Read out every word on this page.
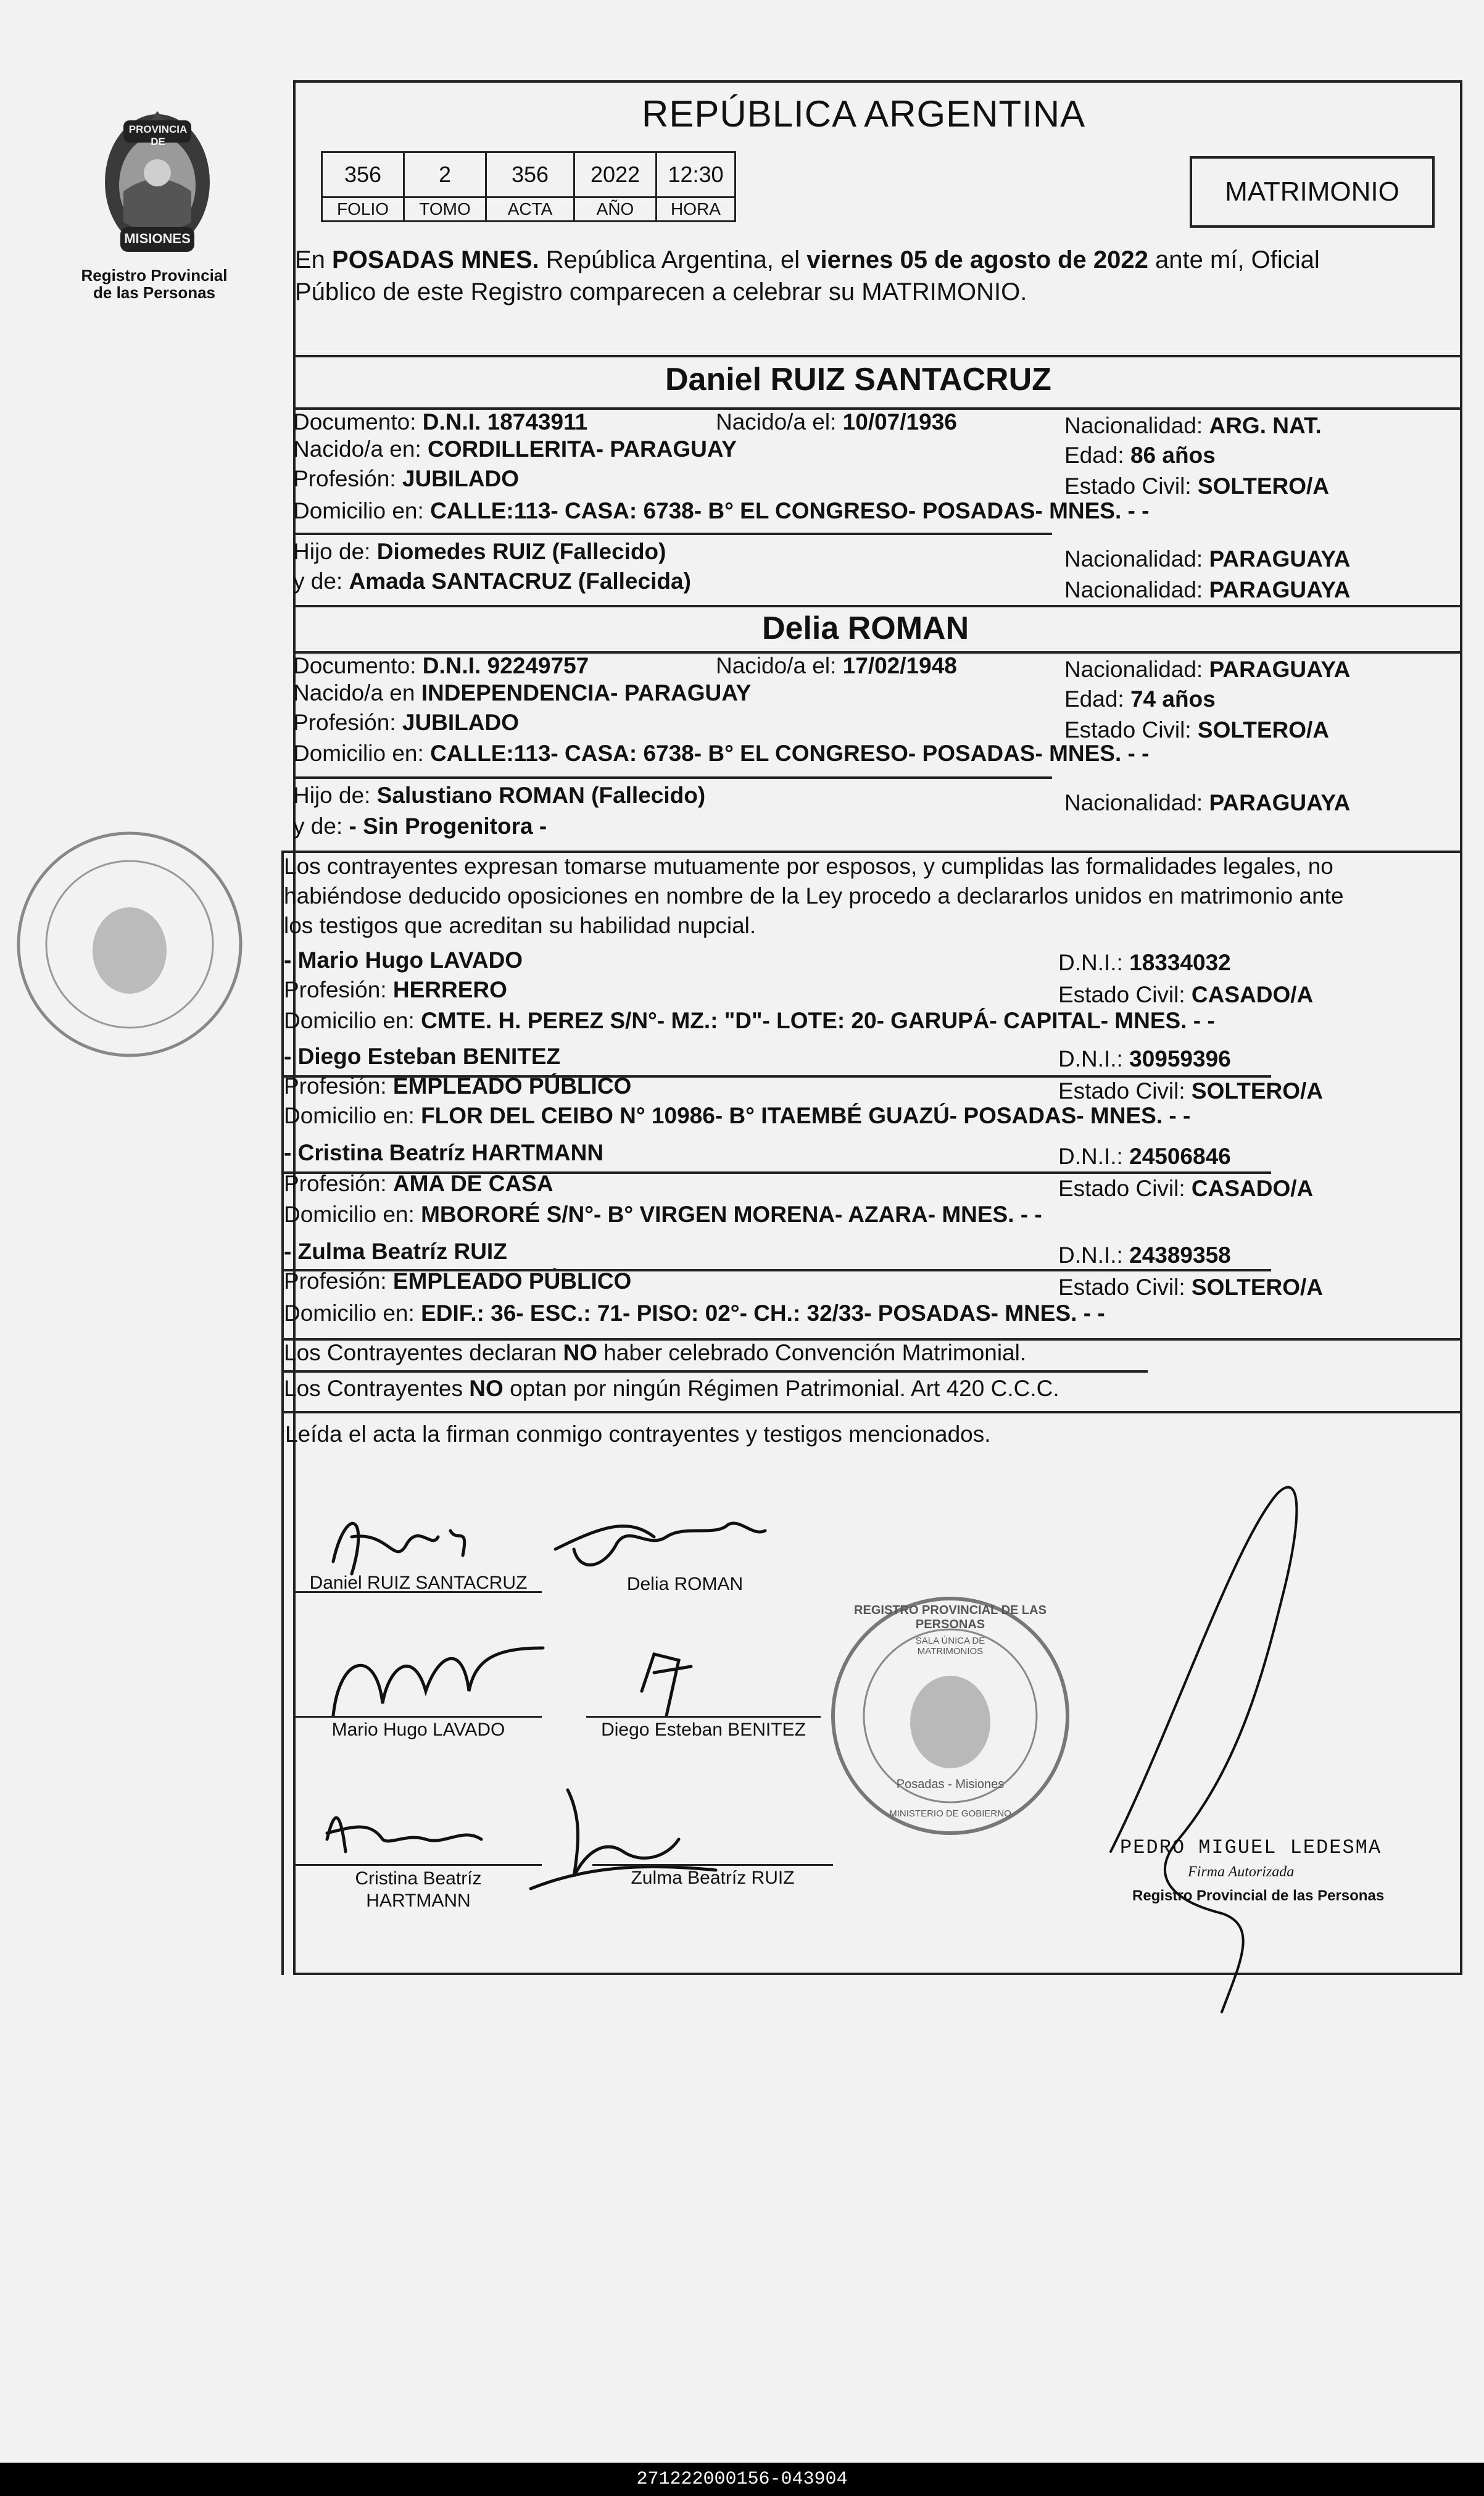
PROVINCIA DE
MISIONES
Registro Provincial
de las Personas
REPÚBLICA ARGENTINA
356	2	356	2022	12:30
FOLIO	TOMO	ACTA	AÑO	HORA
MATRIMONIO
En POSADAS MNES. República Argentina, el viernes 05 de agosto de 2022 ante mí, Oficial
Público de este Registro comparecen a celebrar su MATRIMONIO.
Daniel RUIZ SANTACRUZ
Documento: D.N.I. 18743911	Nacido/a el: 10/07/1936	Nacionalidad: ARG. NAT.
Nacido/a en: CORDILLERITA- PARAGUAY	Edad: 86 años
Profesión: JUBILADO	Estado Civil: SOLTERO/A
Domicilio en: CALLE:113- CASA: 6738- B° EL CONGRESO- POSADAS- MNES. - -
Hijo de: Diomedes RUIZ (Fallecido)	Nacionalidad: PARAGUAYA
y de: Amada SANTACRUZ (Fallecida)	Nacionalidad: PARAGUAYA
Delia ROMAN
Documento: D.N.I. 92249757	Nacido/a el: 17/02/1948	Nacionalidad: PARAGUAYA
Nacido/a en INDEPENDENCIA- PARAGUAY	Edad: 74 años
Profesión: JUBILADO	Estado Civil: SOLTERO/A
Domicilio en: CALLE:113- CASA: 6738- B° EL CONGRESO- POSADAS- MNES. - -
Hijo de: Salustiano ROMAN (Fallecido)	Nacionalidad: PARAGUAYA
y de: - Sin Progenitora -
Los contrayentes expresan tomarse mutuamente por esposos, y cumplidas las formalidades legales, no
habiéndose deducido oposiciones en nombre de la Ley procedo a declararlos unidos en matrimonio ante
los testigos que acreditan su habilidad nupcial.
- Mario Hugo LAVADO	D.N.I.: 18334032
Profesión: HERRERO	Estado Civil: CASADO/A
Domicilio en: CMTE. H. PEREZ S/N°- MZ.: "D"- LOTE: 20- GARUPÁ- CAPITAL- MNES. - -
- Diego Esteban BENITEZ	D.N.I.: 30959396
Profesión: EMPLEADO PÚBLICO	Estado Civil: SOLTERO/A
Domicilio en: FLOR DEL CEIBO N° 10986- B° ITAEMBÉ GUAZÚ- POSADAS- MNES. - -
- Cristina Beatríz HARTMANN	D.N.I.: 24506846
Profesión: AMA DE CASA	Estado Civil: CASADO/A
Domicilio en: MBORORÉ S/N°- B° VIRGEN MORENA- AZARA- MNES. - -
- Zulma Beatríz RUIZ	D.N.I.: 24389358
Profesión: EMPLEADO PÚBLICO	Estado Civil: SOLTERO/A
Domicilio en: EDIF.: 36- ESC.: 71- PISO: 02°- CH.: 32/33- POSADAS- MNES. - -
Los Contrayentes declaran NO haber celebrado Convención Matrimonial.
Los Contrayentes NO optan por ningún Régimen Patrimonial. Art 420 C.C.C.
Leída el acta la firman conmigo contrayentes y testigos mencionados.
Daniel RUIZ SANTACRUZ	Delia ROMAN
Mario Hugo LAVADO	Diego Esteban BENITEZ
Cristina Beatríz
HARTMANN
Zulma Beatríz RUIZ
REGISTRO PROVINCIAL DE LAS PERSONAS
SALA ÚNICA DE MATRIMONIOS
Posadas - Misiones
MINISTERIO DE GOBIERNO
PEDRO MIGUEL LEDESMA
Firma Autorizada
Registro Provincial de las Personas
271222000156-043904
